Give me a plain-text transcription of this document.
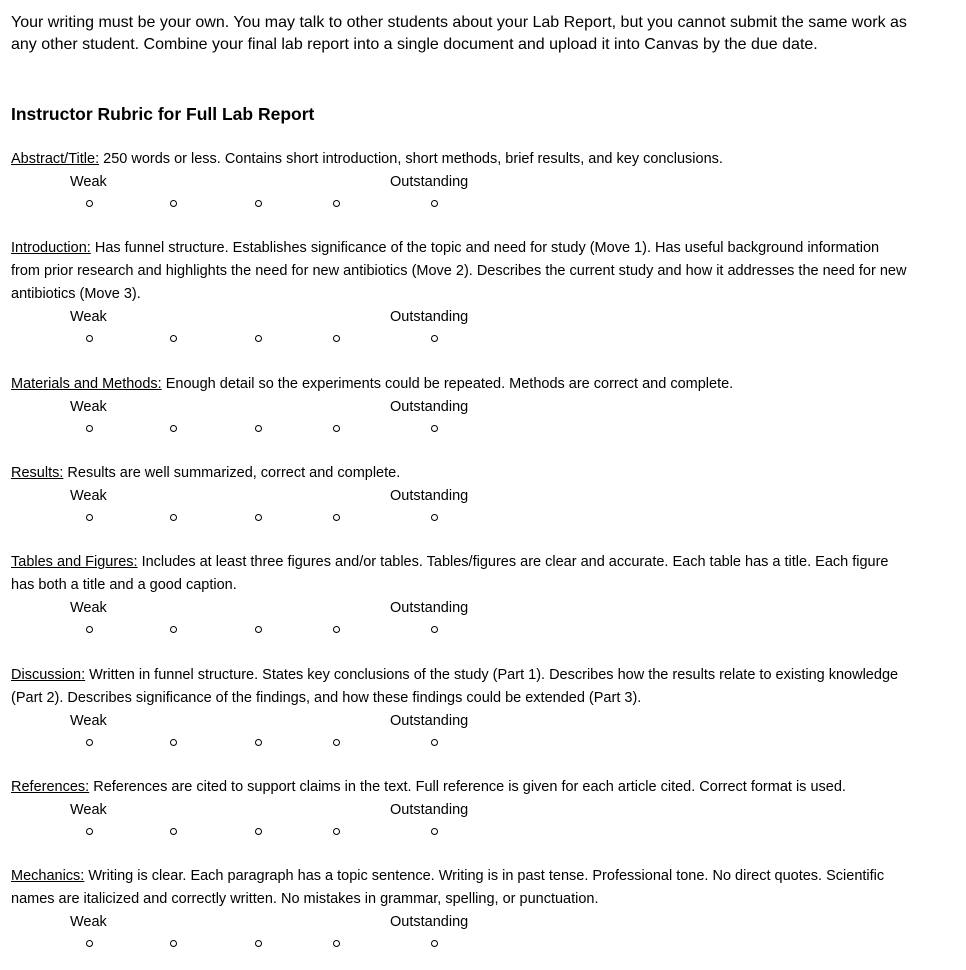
Your writing must be your own. You may talk to other students about your Lab Report, but you cannot submit the same work as any other student. Combine your final lab report into a single document and upload it into Canvas by the due date.

Instructor Rubric for Full Lab Report

Abstract/Title: 250 words or less. Contains short introduction, short methods, brief results, and key conclusions.

Weak	Outstanding

Introduction: Has funnel structure. Establishes significance of the topic and need for study (Move 1). Has useful background information from prior research and highlights the need for new antibiotics (Move 2). Describes the current study and how it addresses the need for new antibiotics (Move 3).

Weak	Outstanding

Materials and Methods: Enough detail so the experiments could be repeated. Methods are correct and complete.

Weak	Outstanding

Results: Results are well summarized, correct and complete.

Weak	Outstanding

Tables and Figures: Includes at least three figures and/or tables. Tables/figures are clear and accurate. Each table has a title. Each figure has both a title and a good caption.

Weak	Outstanding

Discussion: Written in funnel structure. States key conclusions of the study (Part 1). Describes how the results relate to existing knowledge (Part 2). Describes significance of the findings, and how these findings could be extended (Part 3).

Weak	Outstanding

References: References are cited to support claims in the text. Full reference is given for each article cited. Correct format is used.

Weak	Outstanding

Mechanics: Writing is clear. Each paragraph has a topic sentence. Writing is in past tense. Professional tone. No direct quotes. Scientific names are italicized and correctly written. No mistakes in grammar, spelling, or punctuation.

Weak	Outstanding
